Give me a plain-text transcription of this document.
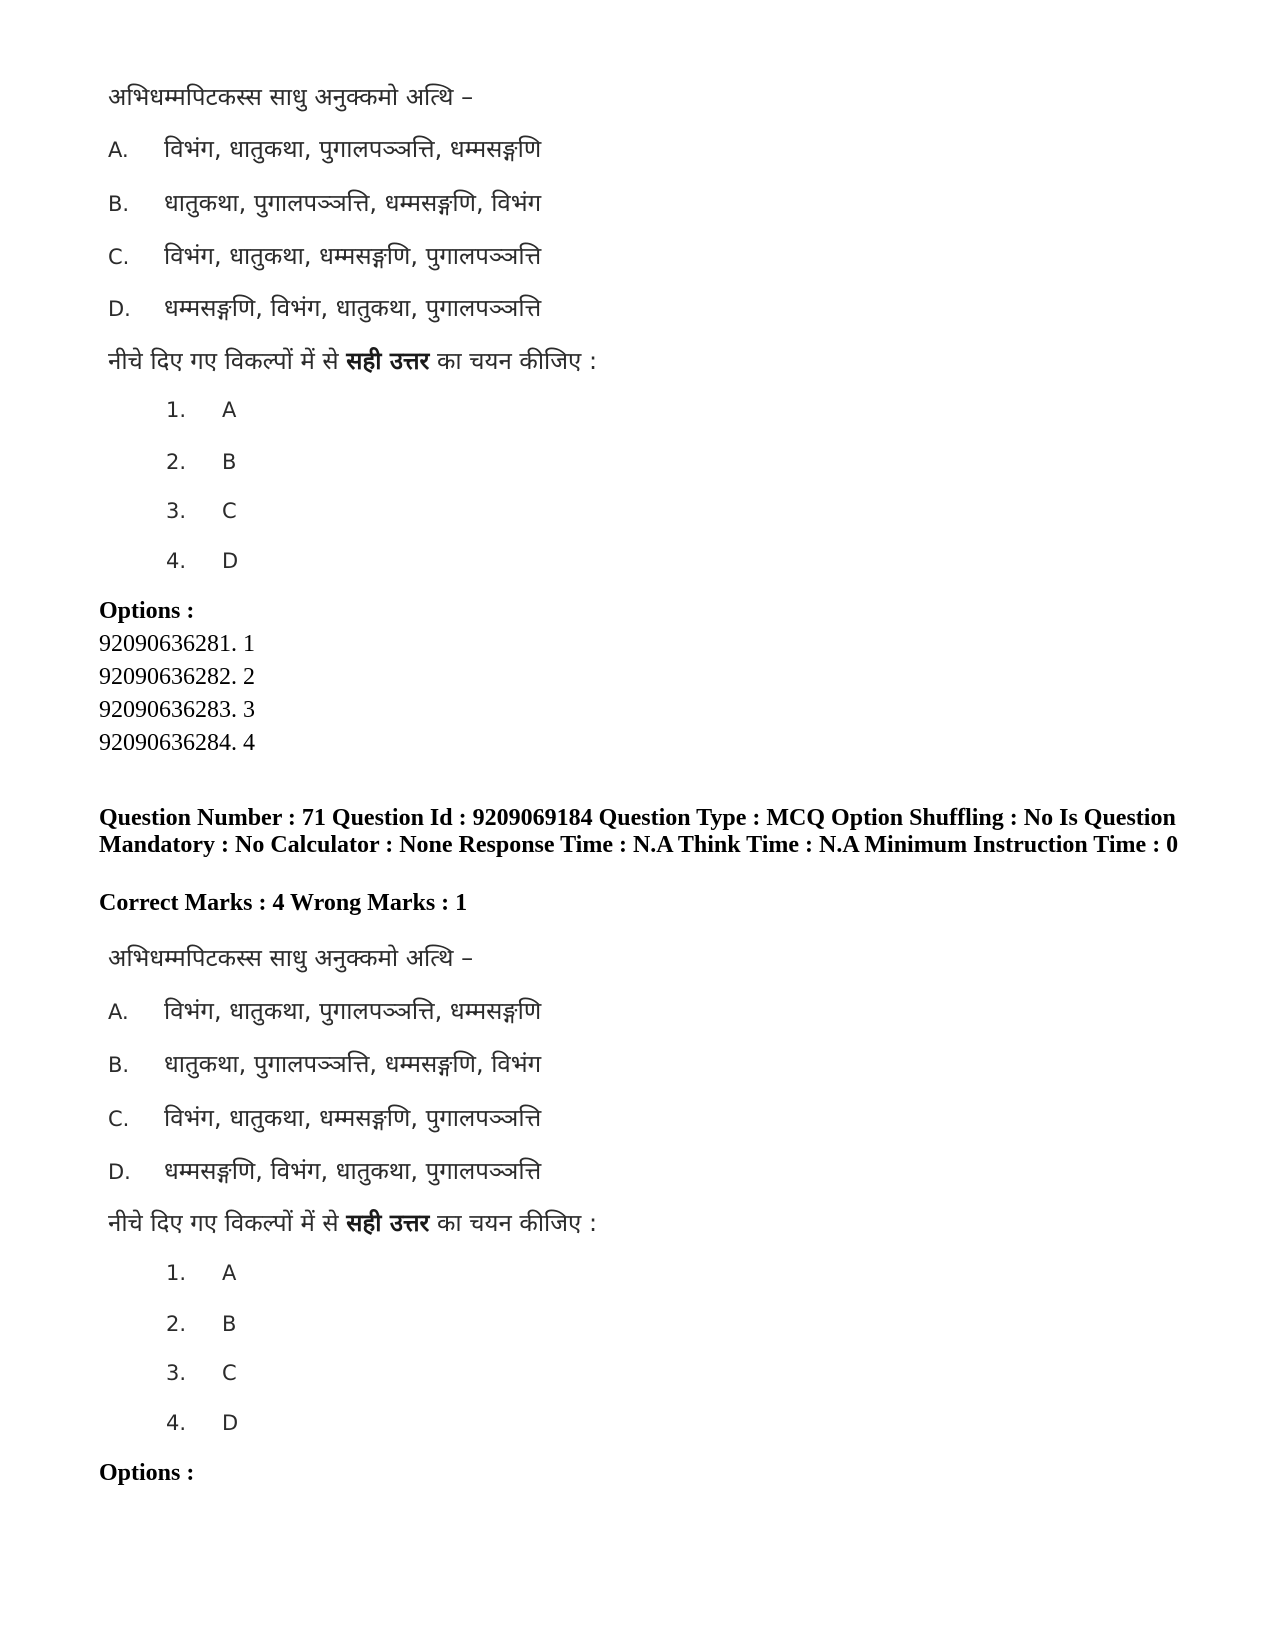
अभिधम्मपिटकस्स साधु अनुक्कमो अत्थि –
A. विभंग, धातुकथा, पुगालपञ्ञत्ति, धम्मसङ्गणि
B. धातुकथा, पुगालपञ्ञत्ति, धम्मसङ्गणि, विभंग
C. विभंग, धातुकथा, धम्मसङ्गणि, पुगालपञ्ञत्ति
D. धम्मसङ्गणि, विभंग, धातुकथा, पुगालपञ्ञत्ति
नीचे दिए गए विकल्पों में से सही उत्तर का चयन कीजिए :
1. A
2. B
3. C
4. D
Options :
92090636281. 1
92090636282. 2
92090636283. 3
92090636284. 4
Question Number : 71 Question Id : 9209069184 Question Type : MCQ Option Shuffling : No Is Question Mandatory : No Calculator : None Response Time : N.A Think Time : N.A Minimum Instruction Time : 0
Correct Marks : 4 Wrong Marks : 1
अभिधम्मपिटकस्स साधु अनुक्कमो अत्थि –
A. विभंग, धातुकथा, पुगालपञ्ञत्ति, धम्मसङ्गणि
B. धातुकथा, पुगालपञ्ञत्ति, धम्मसङ्गणि, विभंग
C. विभंग, धातुकथा, धम्मसङ्गणि, पुगालपञ्ञत्ति
D. धम्मसङ्गणि, विभंग, धातुकथा, पुगालपञ्ञत्ति
नीचे दिए गए विकल्पों में से सही उत्तर का चयन कीजिए :
1. A
2. B
3. C
4. D
Options :
